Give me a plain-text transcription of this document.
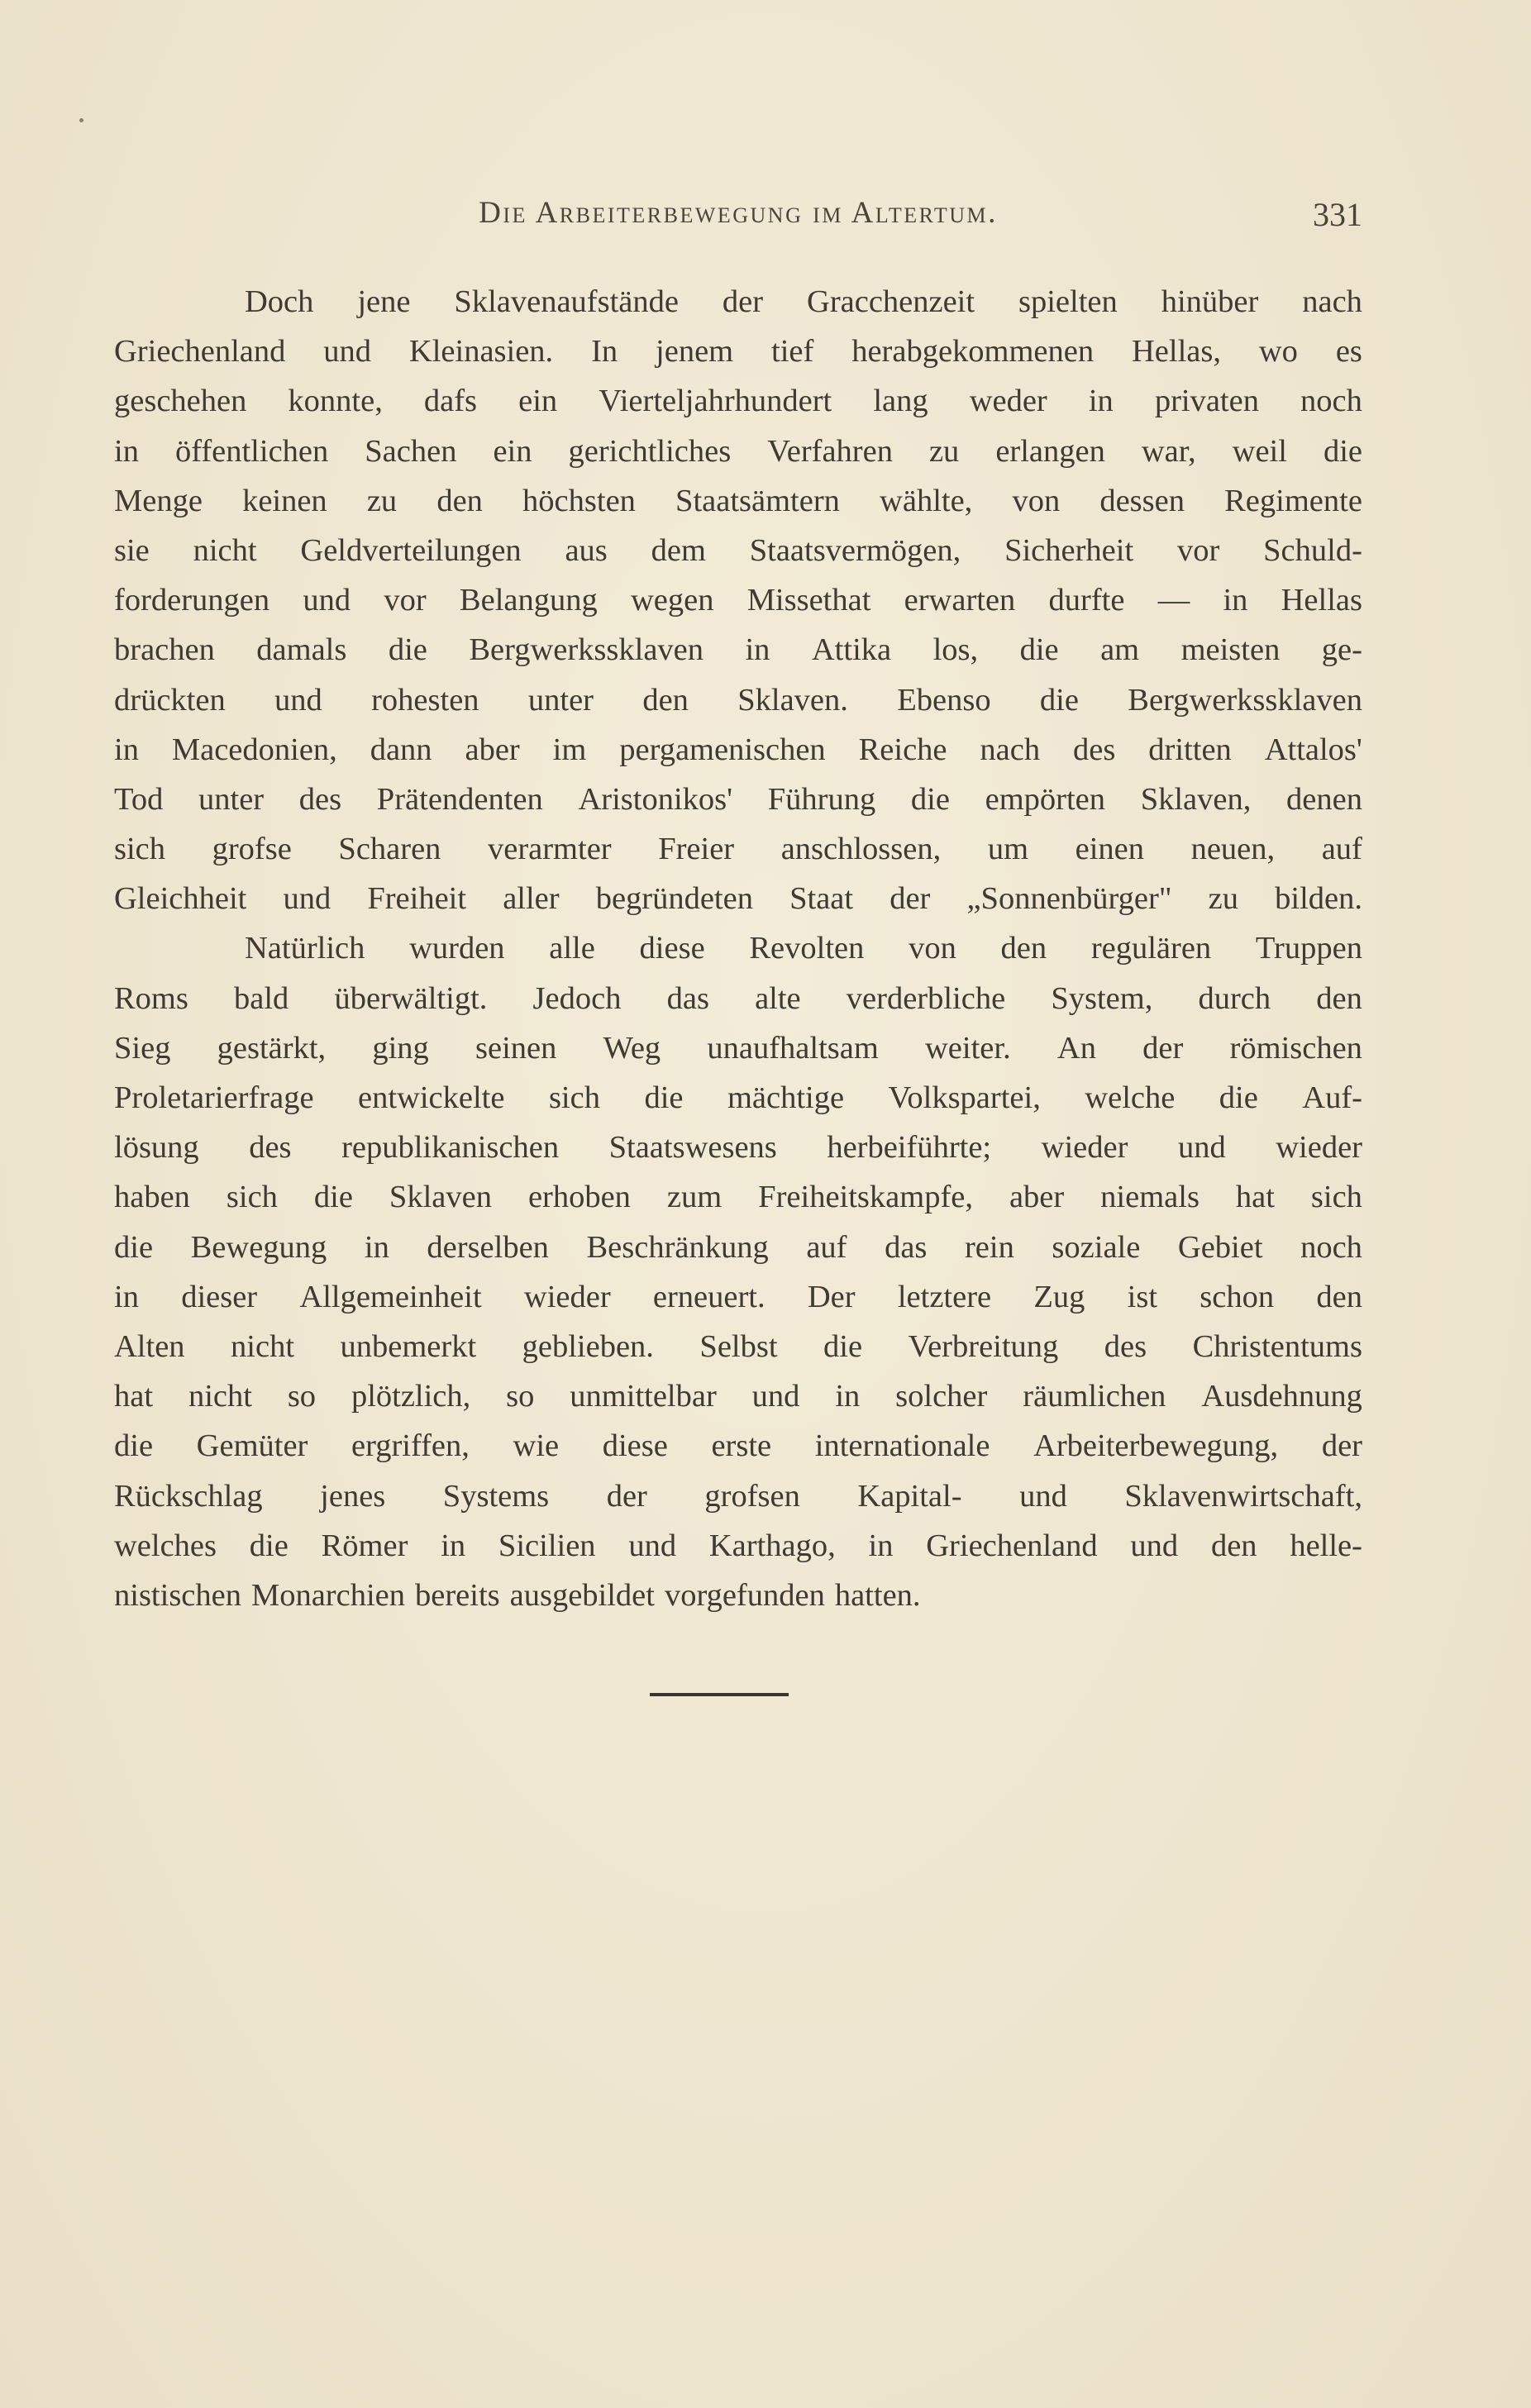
Die Arbeiterbewegung im Altertum.	331
Doch jene Sklavenaufstände der Gracchenzeit spielten hinüber nach
Griechenland und Kleinasien. In jenem tief herabgekommenen Hellas, wo es
geschehen konnte, dafs ein Vierteljahrhundert lang weder in privaten noch
in öffentlichen Sachen ein gerichtliches Verfahren zu erlangen war, weil die
Menge keinen zu den höchsten Staatsämtern wählte, von dessen Regimente
sie nicht Geldverteilungen aus dem Staatsvermögen, Sicherheit vor Schuld-
forderungen und vor Belangung wegen Missethat erwarten durfte — in Hellas
brachen damals die Bergwerkssklaven in Attika los, die am meisten ge-
drückten und rohesten unter den Sklaven. Ebenso die Bergwerkssklaven
in Macedonien, dann aber im pergamenischen Reiche nach des dritten Attalos'
Tod unter des Prätendenten Aristonikos' Führung die empörten Sklaven, denen
sich grofse Scharen verarmter Freier anschlossen, um einen neuen, auf
Gleichheit und Freiheit aller begründeten Staat der „Sonnenbürger" zu bilden.
Natürlich wurden alle diese Revolten von den regulären Truppen
Roms bald überwältigt. Jedoch das alte verderbliche System, durch den
Sieg gestärkt, ging seinen Weg unaufhaltsam weiter. An der römischen
Proletarierfrage entwickelte sich die mächtige Volkspartei, welche die Auf-
lösung des republikanischen Staatswesens herbeiführte; wieder und wieder
haben sich die Sklaven erhoben zum Freiheitskampfe, aber niemals hat sich
die Bewegung in derselben Beschränkung auf das rein soziale Gebiet noch
in dieser Allgemeinheit wieder erneuert. Der letztere Zug ist schon den
Alten nicht unbemerkt geblieben. Selbst die Verbreitung des Christentums
hat nicht so plötzlich, so unmittelbar und in solcher räumlichen Ausdehnung
die Gemüter ergriffen, wie diese erste internationale Arbeiterbewegung, der
Rückschlag jenes Systems der grofsen Kapital- und Sklavenwirtschaft,
welches die Römer in Sicilien und Karthago, in Griechenland und den helle-
nistischen Monarchien bereits ausgebildet vorgefunden hatten.
